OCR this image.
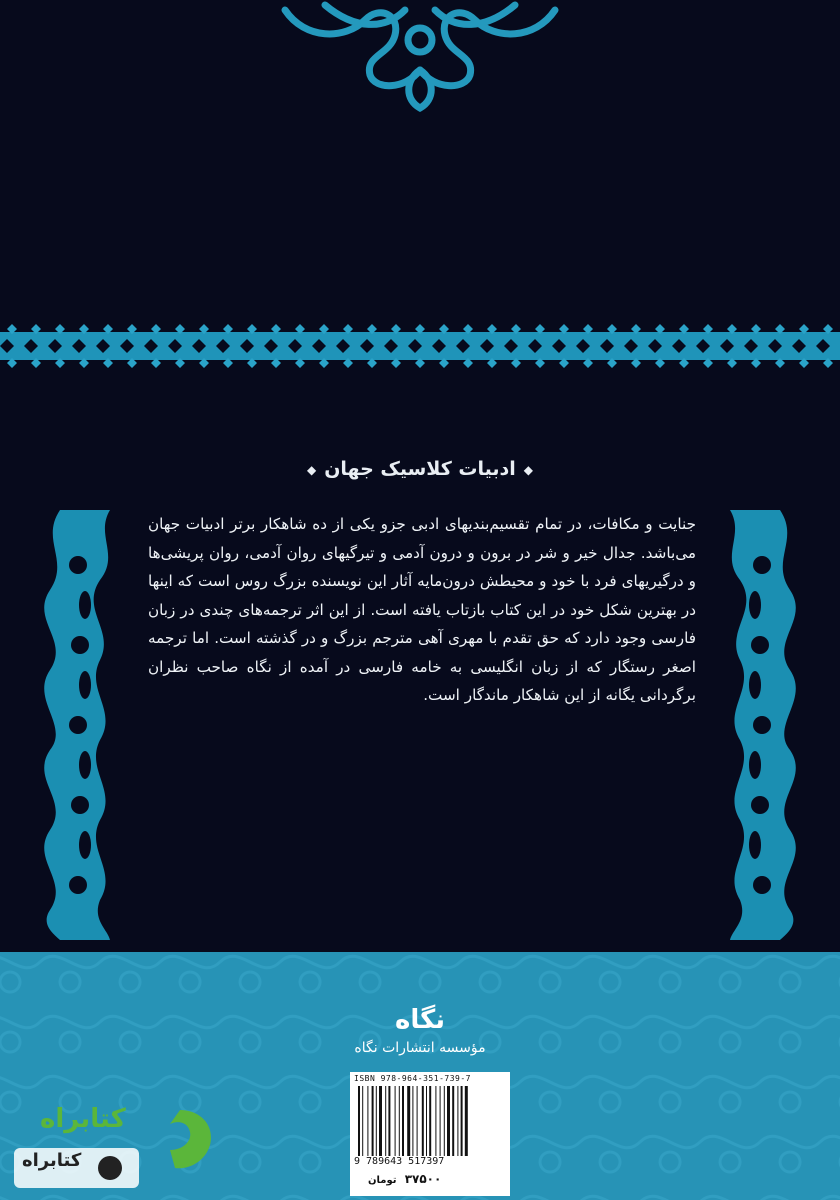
◆ادبیات کلاسیک جهان◆
جنایت و مکافات، در تمام تقسیم‌بندیهای ادبی جزو یکی از ده شاهکار برتر ادبیات جهان می‌باشد. جدال خیر و شر در برون و درون آدمی و تیرگیهای روان آدمی، روان پریشی‌ها و درگیریهای فرد با خود و محیطش درون‌مایه آثار این نویسنده بزرگ روس است که اینها در بهترین شکل خود در این کتاب بازتاب یافته است. از این اثر ترجمه‌های چندی در زبان فارسی وجود دارد که حق تقدم با مهری آهی مترجم بزرگ و در گذشته است. اما ترجمه اصغر رستگار که از زبان انگلیسی به خامه فارسی در آمده از نگاه صاحب نظران برگردانی یگانه از این شاهکار ماندگار است.
نگاه
مؤسسه انتشارات نگاه
ISBN 978-964-351-739-7
9 789643 517397
۳۷۵۰۰ تومان
کتابراه
کتابراه
